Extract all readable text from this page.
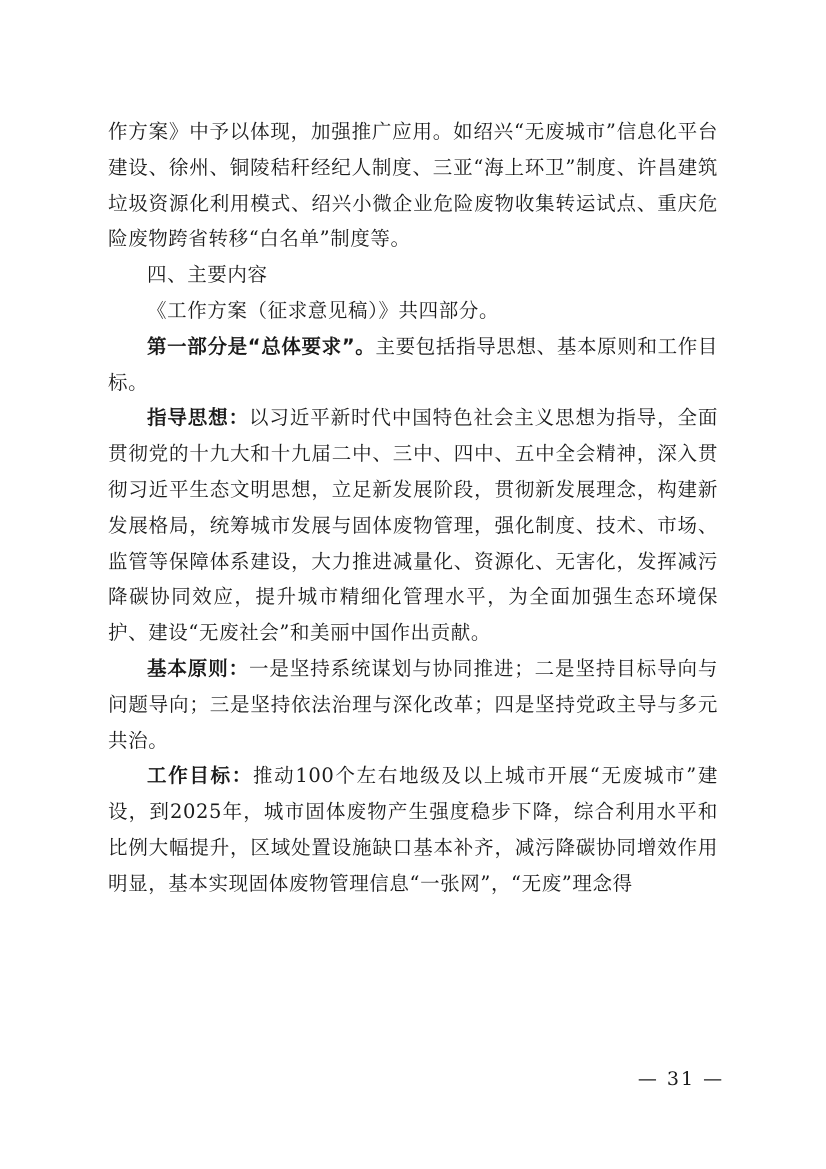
作方案》中予以体现，加强推广应用。如绍兴“无废城市”信息化平台建设、徐州、铜陵秸秆经纪人制度、三亚“海上环卫”制度、许昌建筑垃圾资源化利用模式、绍兴小微企业危险废物收集转运试点、重庆危险废物跨省转移“白名单”制度等。

四、主要内容

《工作方案（征求意见稿）》共四部分。

第一部分是“总体要求”。主要包括指导思想、基本原则和工作目标。

指导思想：以习近平新时代中国特色社会主义思想为指导，全面贯彻党的十九大和十九届二中、三中、四中、五中全会精神，深入贯彻习近平生态文明思想，立足新发展阶段，贯彻新发展理念，构建新发展格局，统筹城市发展与固体废物管理，强化制度、技术、市场、监管等保障体系建设，大力推进减量化、资源化、无害化，发挥减污降碳协同效应，提升城市精细化管理水平，为全面加强生态环境保护、建设“无废社会”和美丽中国作出贡献。

基本原则：一是坚持系统谋划与协同推进；二是坚持目标导向与问题导向；三是坚持依法治理与深化改革；四是坚持党政主导与多元共治。

工作目标：推动100个左右地级及以上城市开展“无废城市”建设，到2025年，城市固体废物产生强度稳步下降，综合利用水平和比例大幅提升，区域处置设施缺口基本补齐，减污降碳协同增效作用明显，基本实现固体废物管理信息“一张网”，“无废”理念得

— 31 —
